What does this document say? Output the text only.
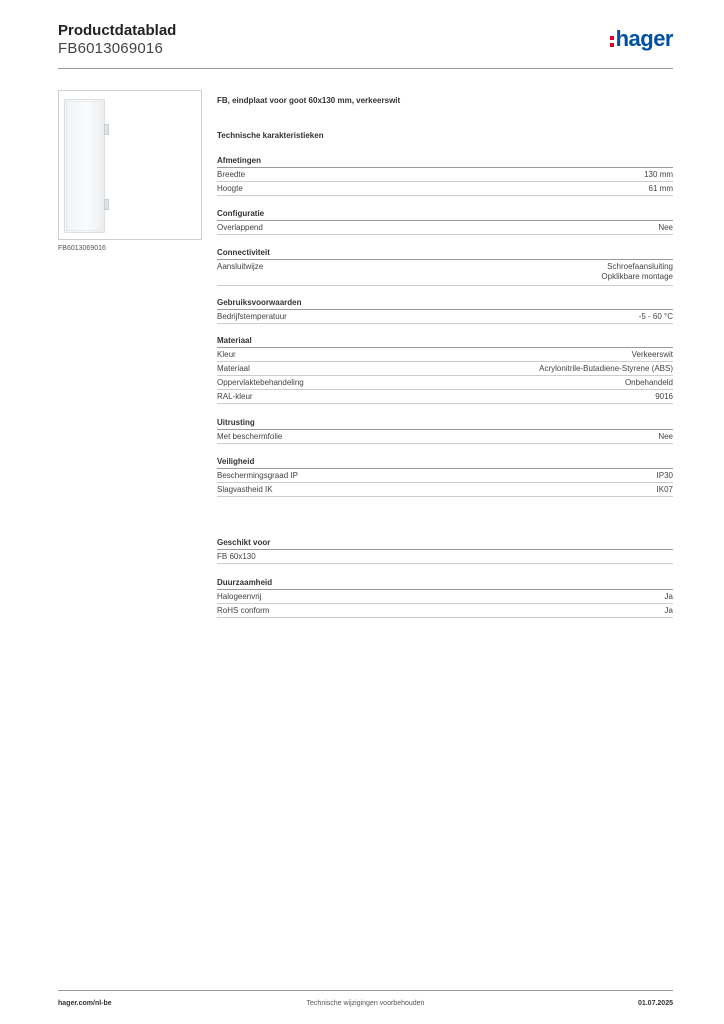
Productdatablad
FB6013069016	hager
FB6013069016
FB, eindplaat voor goot 60x130 mm, verkeerswit
Technische karakteristieken
Afmetingen
Breedte	130 mm
Hoogte	61 mm
Configuratie
Overlappend	Nee
Connectiviteit
Aansluitwijze	Schroefaansluiting
Opklikbare montage
Gebruiksvoorwaarden
Bedrijfstemperatuur	-5 - 60 °C
Materiaal
Kleur	Verkeerswit
Materiaal	Acrylonitrile-Butadiene-Styrene (ABS)
Oppervlaktebehandeling	Onbehandeld
RAL-kleur	9016
Uitrusting
Met beschermfolie	Nee
Veiligheid
Beschermingsgraad IP	IP30
Slagvastheid IK	IK07
Geschikt voor
FB 60x130
Duurzaamheid
Halogeenvrij	Ja
RoHS conform	Ja
hager.com/nl-be	Technische wijzigingen voorbehouden	01.07.2025
